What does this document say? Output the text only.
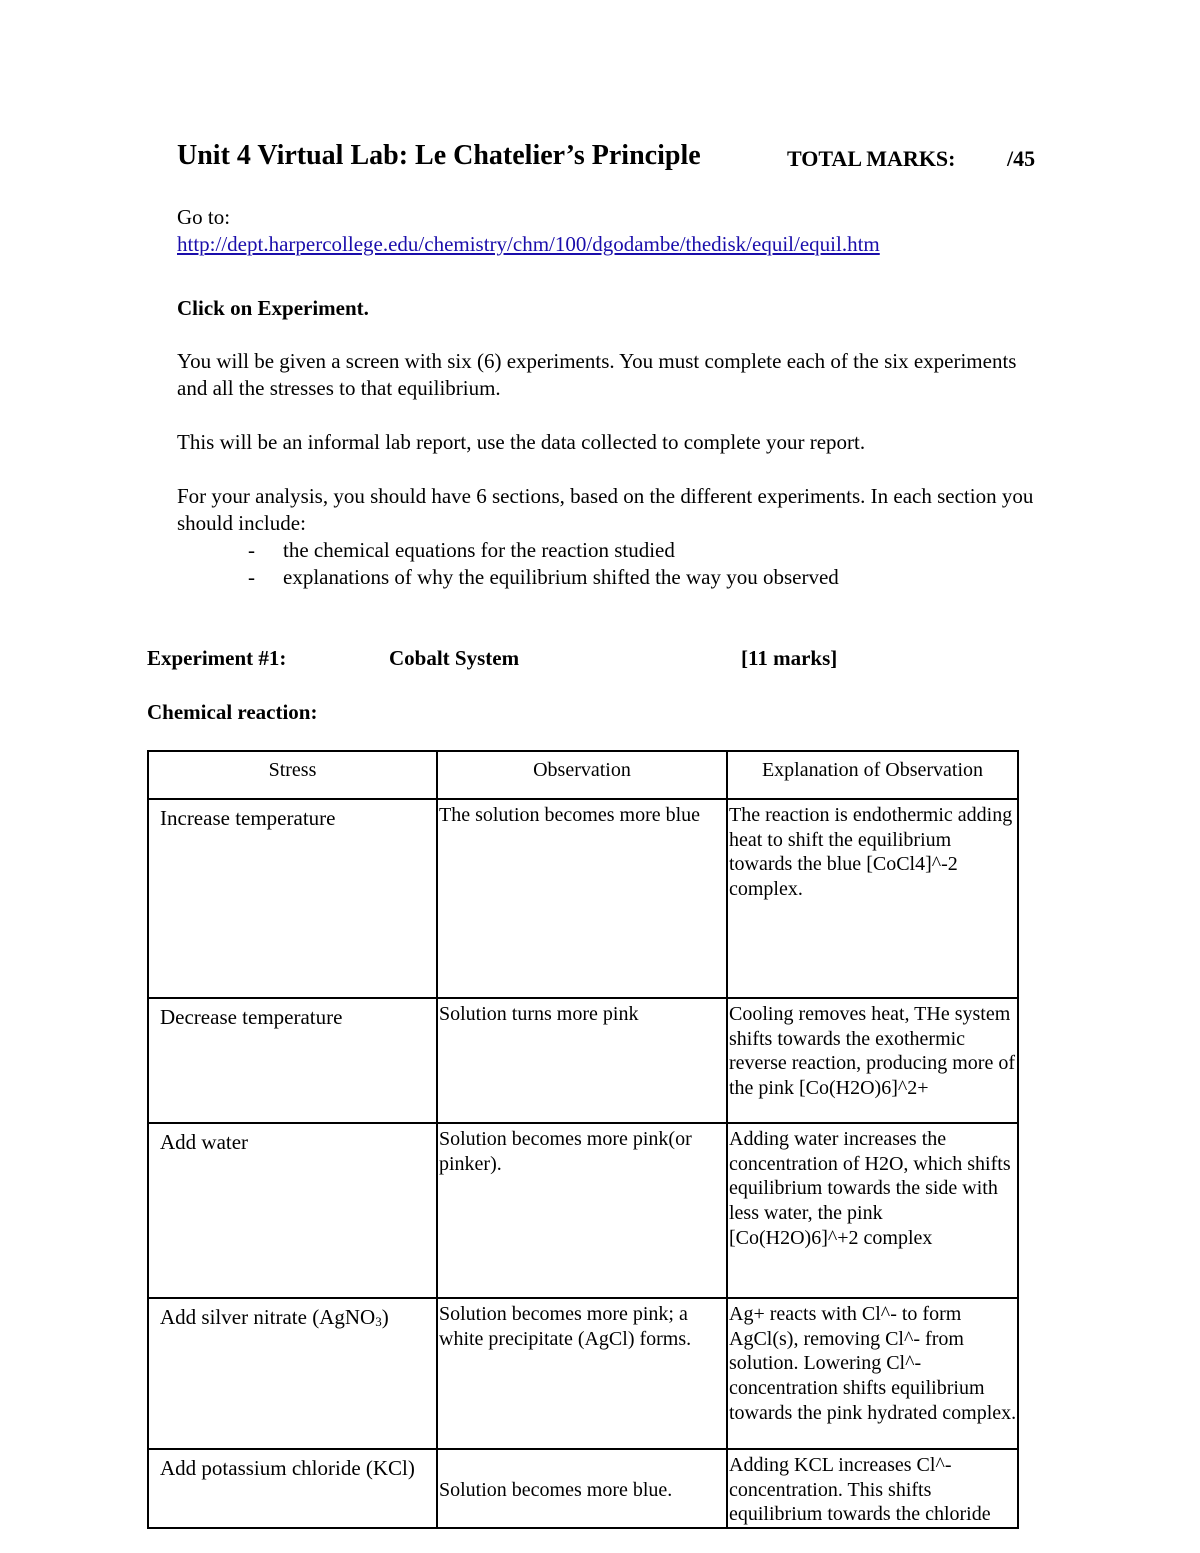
Unit 4 Virtual Lab: Le Chatelier’s Principle	TOTAL MARKS: /45
Go to:
http://dept.harpercollege.edu/chemistry/chm/100/dgodambe/thedisk/equil/equil.htm
Click on Experiment.
You will be given a screen with six (6) experiments. You must complete each of the six experiments and all the stresses to that equilibrium.
This will be an informal lab report, use the data collected to complete your report.
For your analysis, you should have 6 sections, based on the different experiments. In each section you should include:
- the chemical equations for the reaction studied
- explanations of why the equilibrium shifted the way you observed
Experiment #1:	Cobalt System	[11 marks]
Chemical reaction:
Stress	Observation	Explanation of Observation
Increase temperature	The solution becomes more blue	The reaction is endothermic adding heat to shift the equilibrium towards the blue [CoCl4]^-2 complex.
Decrease temperature	Solution turns more pink	Cooling removes heat, THe system shifts towards the exothermic reverse reaction, producing more of the pink [Co(H2O)6]^2+
Add water	Solution becomes more pink(or pinker).	Adding water increases the concentration of H2O, which shifts equilibrium towards the side with less water, the pink [Co(H2O)6]^+2 complex
Add silver nitrate (AgNO$_3$)	Solution becomes more pink; a white precipitate (AgCl) forms.	Ag+ reacts with Cl^- to form AgCl(s), removing Cl^- from solution. Lowering Cl^- concentration shifts equilibrium towards the pink hydrated complex.
Add potassium chloride (KCl)	Solution becomes more blue.	Adding KCL increases Cl^- concentration. This shifts equilibrium towards the chloride
